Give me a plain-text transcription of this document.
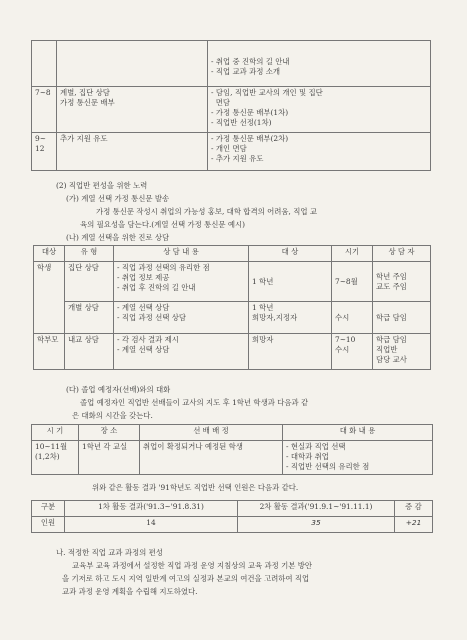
		- 취업 중 진학의 길 안내
- 직업 교과 과정 소개

7~8	계별, 집단 상담
가정 통신문 배부	- 담임, 직업반 교사의 개인 및 집단
면담
- 가정 통신문 배부(1차)
- 직업반 선정(1차)

9~
12	추가 지원 유도	- 가정 통신문 배부(2차)
- 개인 면담
- 추가 지원 유도
(2) 직업반 편성을 위한 노력
(가) 계열 선택 가정 통신문 발송
가정 통신문 작성시 취업의 가능성 홍보, 대학 합격의 어려움, 직업 교
육의 필요성을 담는다.(계열 선택 가정 통신문 예시)
(나) 계열 선택을 위한 진로 상담
대상	유 형	상 담 내 용	대 상	시기	상 담 자
학생	집단 상담	- 직업 과정 선택의 유리한 점
- 취업 정보 제공
- 취업 후 진학의 길 안내	1 학년	7~8월	학년 주임
교도 주임

	개별 상담	- 계열 선택 상담
- 직업 과정 선택 상담	1 학년
희망자,지정자	수시	학급 담임

학부모	내교 상담	- 각 검사 결과 제시
- 계열 선택 상담	희망자	7~10
수시	학급 담임
직업반
담당 교사
(다) 졸업 예정자(선배)와의 대화
졸업 예정자인 직업반 선배들이 교사의 지도 후 1학년 학생과 다음과 같
은 대화의 시간을 갖는다.
시 기	장 소	선 배 배 정	대 화 내 용
10~11월
(1,2차)	1학년 각 교실	취업이 확정되거나 예정된 학생	- 현실과 직업 선택
- 대학과 취업
- 직업반 선택의 유리한 점
위와 같은 활동 결과 '91학년도 직업반 선택 인원은 다음과 같다.
구분	1차 활동 결과('91.3~'91.8.31)	2차 활동 결과('91.9.1~'91.11.1)	증 감
인원	14	35	+21
나. 적정한 직업 교과 과정의 편성
교육부 교육 과정에서 설정한 직업 과정 운영 지침상의 교육 과정 기본 방안
을 기저로 하고 도시 지역 일반계 여고의 실정과 본교의 여건을 고려하여 직업
교과 과정 운영 계획을 수립해 지도하였다.
